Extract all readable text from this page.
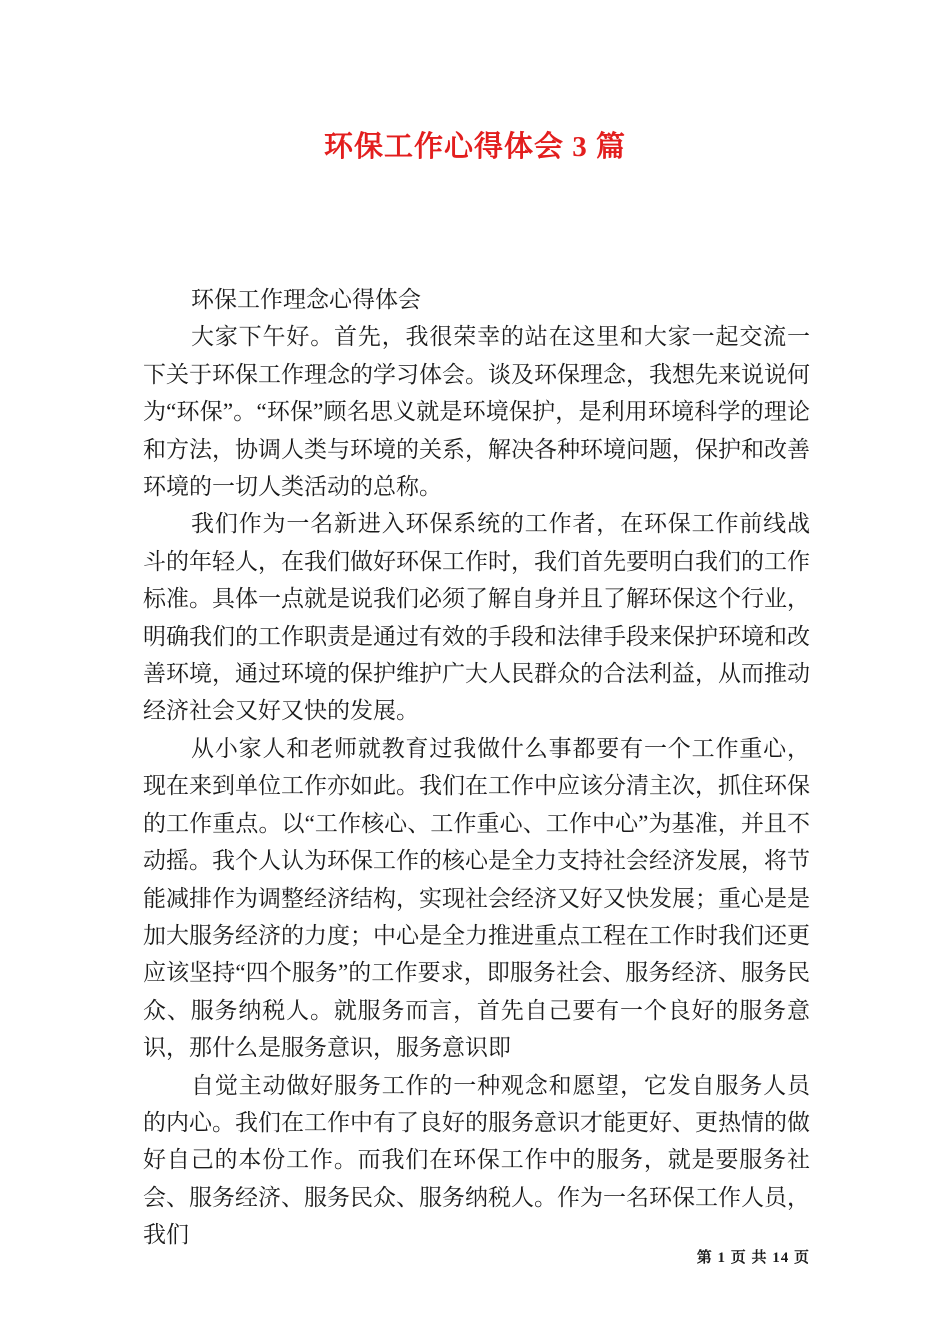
环保工作心得体会 3 篇

环保工作理念心得体会

大家下午好。首先，我很荣幸的站在这里和大家一起交流一下关于环保工作理念的学习体会。谈及环保理念，我想先来说说何为“环保”。“环保”顾名思义就是环境保护，是利用环境科学的理论和方法，协调人类与环境的关系，解决各种环境问题，保护和改善环境的一切人类活动的总称。

我们作为一名新进入环保系统的工作者，在环保工作前线战斗的年轻人，在我们做好环保工作时，我们首先要明白我们的工作标准。具体一点就是说我们必须了解自身并且了解环保这个行业，明确我们的工作职责是通过有效的手段和法律手段来保护环境和改善环境，通过环境的保护维护广大人民群众的合法利益，从而推动经济社会又好又快的发展。

从小家人和老师就教育过我做什么事都要有一个工作重心，现在来到单位工作亦如此。我们在工作中应该分清主次，抓住环保的工作重点。以“工作核心、工作重心、工作中心”为基准，并且不动摇。我个人认为环保工作的核心是全力支持社会经济发展，将节能减排作为调整经济结构，实现社会经济又好又快发展；重心是是加大服务经济的力度；中心是全力推进重点工程在工作时我们还更应该坚持“四个服务”的工作要求，即服务社会、服务经济、服务民众、服务纳税人。就服务而言，首先自己要有一个良好的服务意识，那什么是服务意识，服务意识即

自觉主动做好服务工作的一种观念和愿望，它发自服务人员的内心。我们在工作中有了良好的服务意识才能更好、更热情的做好自己的本份工作。而我们在环保工作中的服务，就是要服务社会、服务经济、服务民众、服务纳税人。作为一名环保工作人员，我们

第 1 页 共 14 页
